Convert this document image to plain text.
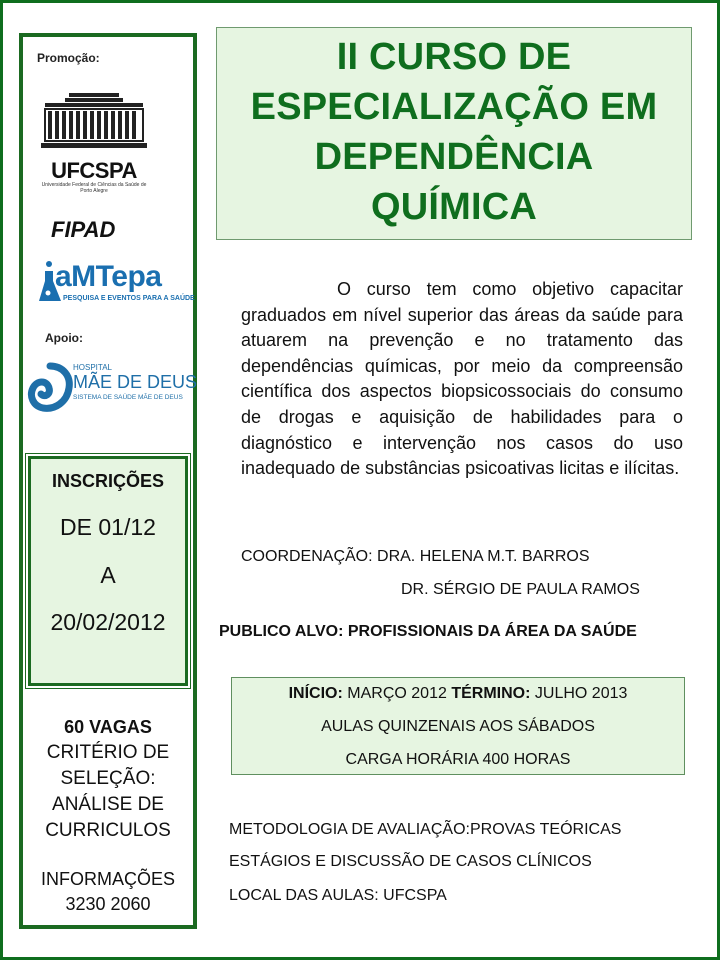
Promoção:
UFCSPA
Universidade Federal de Ciências da Saúde de Porto Alegre
FIPAD
aMTepa
PESQUISA E EVENTOS PARA A SAÚDE
Apoio:
HOSPITAL
MÃE DE DEUS
SISTEMA DE SAÚDE MÃE DE DEUS
INSCRIÇÕES
DE 01/12
A
20/02/2012
60 VAGAS
CRITÉRIO DE
SELEÇÃO:
ANÁLISE DE
CURRICULOS
INFORMAÇÕES
3230 2060
II CURSO DE
ESPECIALIZAÇÃO EM
DEPENDÊNCIA
QUÍMICA
O curso tem como objetivo capacitar graduados em nível superior das áreas da saúde para atuarem na prevenção e no tratamento das dependências químicas, por meio da compreensão científica dos aspectos biopsicossociais do consumo de drogas e aquisição de habilidades para o diagnóstico e intervenção nos casos do uso inadequado de substâncias psicoativas licitas e ilícitas.
COORDENAÇÃO: DRA. HELENA M.T. BARROS
DR. SÉRGIO DE PAULA RAMOS
PUBLICO ALVO: PROFISSIONAIS DA ÁREA DA SAÚDE
INÍCIO: MARÇO 2012 TÉRMINO: JULHO 2013
AULAS QUINZENAIS AOS SÁBADOS
CARGA HORÁRIA 400 HORAS
METODOLOGIA DE AVALIAÇÃO:PROVAS TEÓRICAS
ESTÁGIOS E DISCUSSÃO DE CASOS CLÍNICOS
LOCAL DAS AULAS: UFCSPA
